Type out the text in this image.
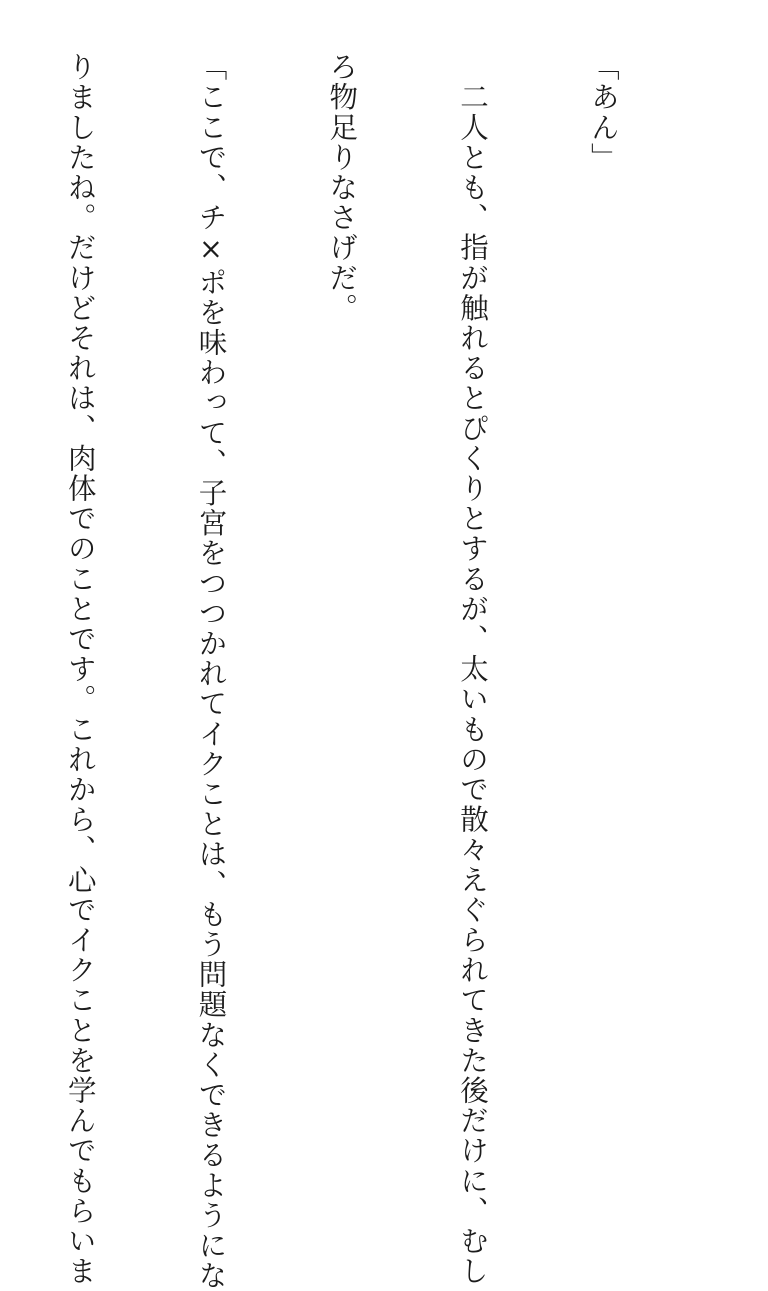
「あん」

　二人とも、指が触れるとぴくりとするが、太いもので散々えぐられてきた後だけに、むし

ろ物足りなさげだ。

「ここで、チ×ポを味わって、子宮をつつかれてイクことは、もう問題なくできるようにな

りましたね。だけどそれは、肉体でのことです。これから、心でイクことを学んでもらいま
